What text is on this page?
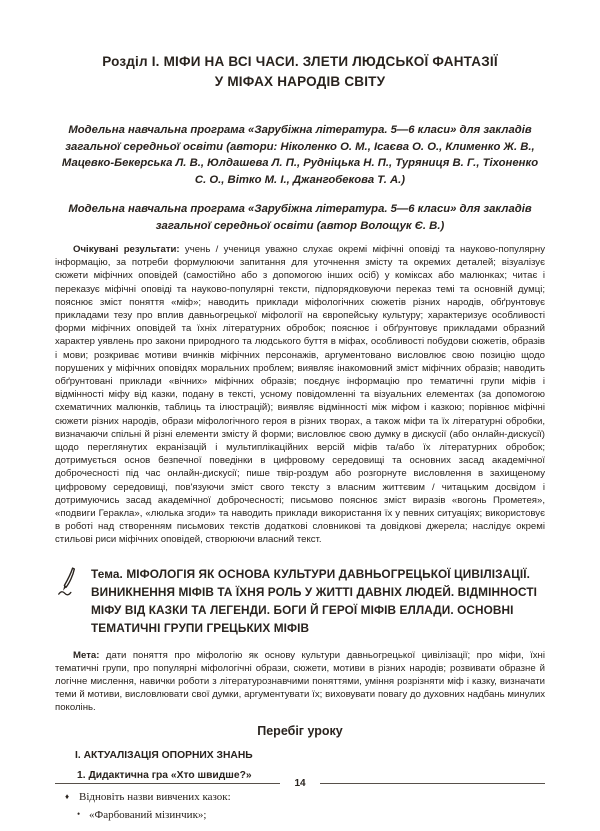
Розділ І. МІФИ НА ВСІ ЧАСИ. ЗЛЕТИ ЛЮДСЬКОЇ ФАНТАЗІЇ
У МІФАХ НАРОДІВ СВІТУ

Модельна навчальна програма «Зарубіжна література. 5—6 класи» для закладів загальної середньої освіти (автори: Ніколенко О. М., Ісаєва О. О., Клименко Ж. В., Мацевко-Бекерська Л. В., Юлдашева Л. П., Рудніцька Н. П., Туряниця В. Г., Тіхоненко С. О., Вітко М. І., Джангобекова Т. А.)

Модельна навчальна програма «Зарубіжна література. 5—6 класи» для закладів загальної середньої освіти (автор Волощук Є. В.)

Очікувані результати: учень / учениця уважно слухає окремі міфічні оповіді та науково-популярну інформацію, за потреби формулюючи запитання для уточнення змісту та окремих деталей; візуалізує сюжети міфічних оповідей (самостійно або з допомогою інших осіб) у коміксах або малюнках; читає і переказує міфічні оповіді та науково-популярні тексти, підпорядковуючи переказ темі та основній думці; пояснює зміст поняття «міф»; наводить приклади міфологічних сюжетів різних народів, обґрунтовує прикладами тезу про вплив давньогрецької міфології на європейську культуру; характеризує особливості форми міфічних оповідей та їхніх літературних обробок; пояснює і обґрунтовує прикладами образний характер уявлень про закони природного та людського буття в міфах, особливості побудови сюжетів, образів і мови; розкриває мотиви вчинків міфічних персонажів, аргументовано висловлює свою позицію щодо порушених у міфічних оповідях моральних проблем; виявляє інакомовний зміст міфічних образів; наводить обґрунтовані приклади «вічних» міфічних образів; поєднує інформацію про тематичні групи міфів і відмінності міфу від казки, подану в тексті, усному повідомленні та візуальних елементах (за допомогою схематичних малюнків, таблиць та ілюстрацій); виявляє відмінності між міфом і казкою; порівнює міфічні сюжети різних народів, образи міфологічного героя в різних творах, а також міфи та їх літературні обробки, визначаючи спільні й різні елементи змісту й форми; висловлює свою думку в дискусії (або онлайн-дискусії) щодо переглянутих екранізацій і мультиплікаційних версій міфів та/або їх літературних обробок; дотримується основ безпечної поведінки в цифровому середовищі та основних засад академічної доброчесності під час онлайн-дискусії; пише твір-роздум або розгорнуте висловлення в захищеному цифровому середовищі, пов'язуючи зміст свого тексту з власним життєвим / читацьким досвідом і дотримуючись засад академічної доброчесності; письмово пояснює зміст виразів «вогонь Прометея», «подвиги Геракла», «люлька згоди» та наводить приклади використання їх у певних ситуаціях; використовує в роботі над створенням письмових текстів додаткові словникові та довідкові джерела; наслідує окремі стильові риси міфічних оповідей, створюючи власний текст.

Тема. МІФОЛОГІЯ ЯК ОСНОВА КУЛЬТУРИ ДАВНЬОГРЕЦЬКОЇ ЦИВІЛІЗАЦІЇ. ВИНИКНЕННЯ МІФІВ ТА ЇХНЯ РОЛЬ У ЖИТТІ ДАВНІХ ЛЮДЕЙ. ВІДМІННОСТІ МІФУ ВІД КАЗКИ ТА ЛЕГЕНДИ. БОГИ Й ГЕРОЇ МІФІВ ЕЛЛАДИ. ОСНОВНІ ТЕМАТИЧНІ ГРУПИ ГРЕЦЬКИХ МІФІВ

Мета: дати поняття про міфологію як основу культури давньогрецької цивілізації; про міфи, їхні тематичні групи, про популярні міфологічні образи, сюжети, мотиви в різних народів; розвивати образне й логічне мислення, навички роботи з літературознавчими поняттями, уміння розрізняти міф і казку, визначати теми й мотиви, висловлювати свої думки, аргументувати їх; виховувати повагу до духовних надбань минулих поколінь.

Перебіг уроку
І. АКТУАЛІЗАЦІЯ ОПОРНИХ ЗНАНЬ
1. Дидактична гра «Хто швидше?»
♦ Відновіть назви вивчених казок:
• «Фарбований мізинчик»;
14
